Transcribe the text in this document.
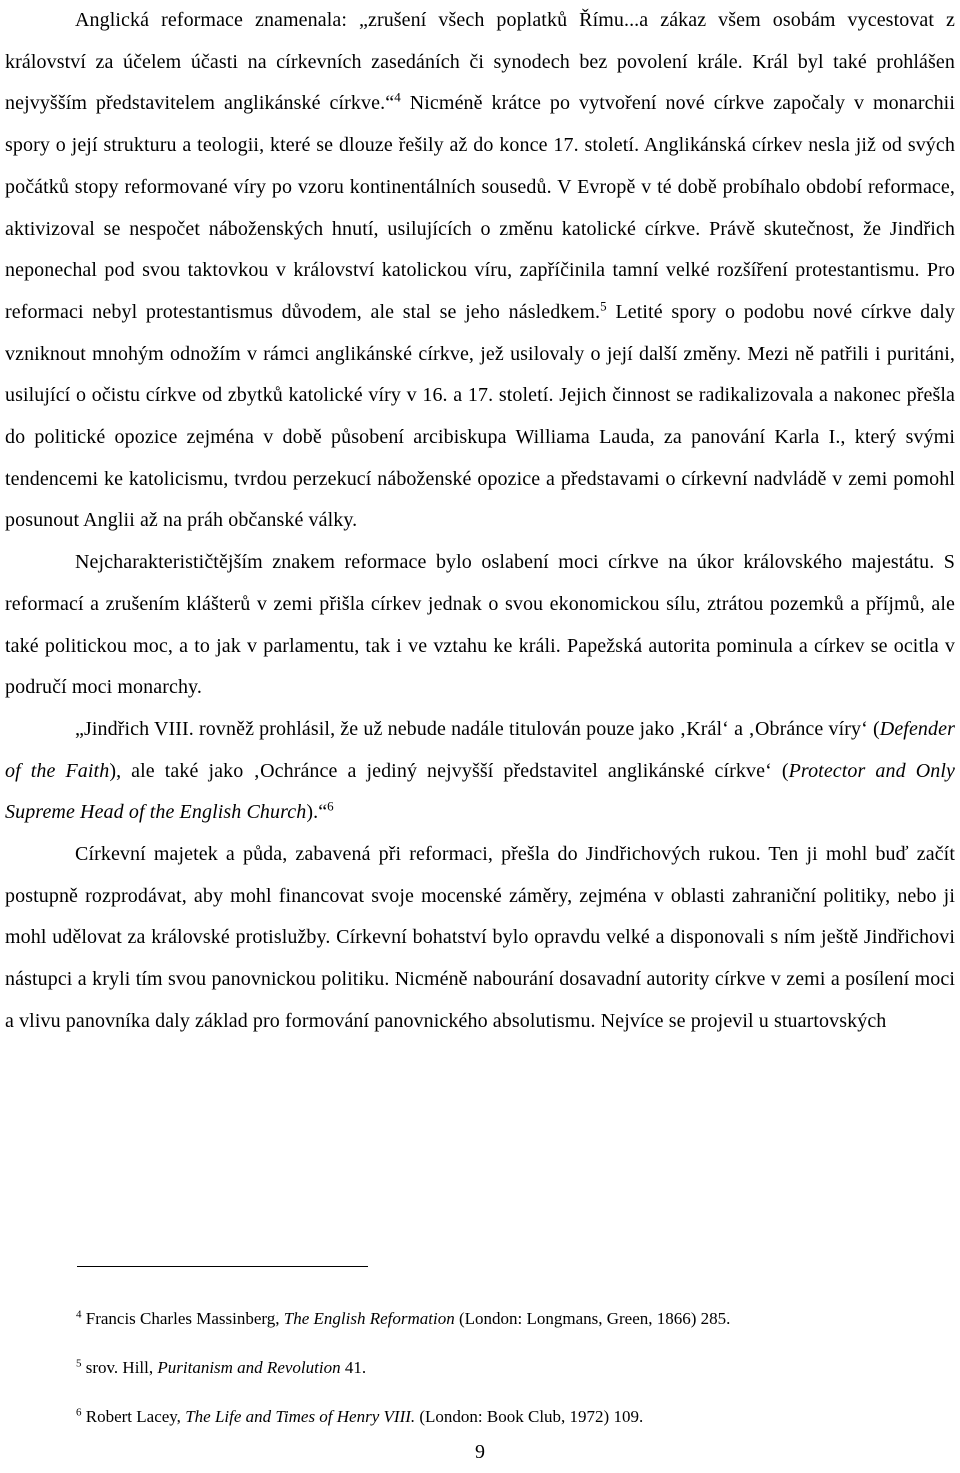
Anglická reformace znamenala: „zrušení všech poplatků Římu...a zákaz všem osobám vycestovat z království za účelem účasti na církevních zasedáních či synodech bez povolení krále. Král byl také prohlášen nejvyšším představitelem anglikánské církve.“$^4$ Nicméně krátce po vytvoření nové církve započaly v monarchii spory o její strukturu a teologii, které se dlouze řešily až do konce 17. století. Anglikánská církev nesla již od svých počátků stopy reformované víry po vzoru kontinentálních sousedů. V Evropě v té době probíhalo období reformace, aktivizoval se nespočet náboženských hnutí, usilujících o změnu katolické církve. Právě skutečnost, že Jindřich neponechal pod svou taktovkou v království katolickou víru, zapříčinila tamní velké rozšíření protestantismu. Pro reformaci nebyl protestantismus důvodem, ale stal se jeho následkem.$^5$ Letité spory o podobu nové církve daly vzniknout mnohým odnožím v rámci anglikánské církve, jež usilovaly o její další změny. Mezi ně patřili i puritáni, usilující o očistu církve od zbytků katolické víry v 16. a 17. století. Jejich činnost se radikalizovala a nakonec přešla do politické opozice zejména v době působení arcibiskupa Williama Lauda, za panování Karla I., který svými tendencemi ke katolicismu, tvrdou perzekucí náboženské opozice a představami o církevní nadvládě v zemi pomohl posunout Anglii až na práh občanské války.

Nejcharakterističtějším znakem reformace bylo oslabení moci církve na úkor královského majestátu. S reformací a zrušením klášterů v zemi přišla církev jednak o svou ekonomickou sílu, ztrátou pozemků a příjmů, ale také politickou moc, a to jak v parlamentu, tak i ve vztahu ke králi. Papežská autorita pominula a církev se ocitla v područí moci monarchy.

„Jindřich VIII. rovněž prohlásil, že už nebude nadále titulován pouze jako ‚Král‘ a ‚Obránce víry‘ (Defender of the Faith), ale také jako ‚Ochránce a jediný nejvyšší představitel anglikánské církve‘ (Protector and Only Supreme Head of the English Church).“$^6$

Církevní majetek a půda, zabavená při reformaci, přešla do Jindřichových rukou. Ten ji mohl buď začít postupně rozprodávat, aby mohl financovat svoje mocenské záměry, zejména v oblasti zahraniční politiky, nebo ji mohl udělovat za královské protislužby. Církevní bohatství bylo opravdu velké a disponovali s ním ještě Jindřichovi nástupci a kryli tím svou panovnickou politiku. Nicméně nabourání dosavadní autority církve v zemi a posílení moci a vlivu panovníka daly základ pro formování panovnického absolutismu. Nejvíce se projevil u stuartovských

$^4$ Francis Charles Massinberg, The English Reformation (London: Longmans, Green, 1866) 285.

$^5$ srov. Hill, Puritanism and Revolution 41.

$^6$ Robert Lacey, The Life and Times of Henry VIII. (London: Book Club, 1972) 109.

9
